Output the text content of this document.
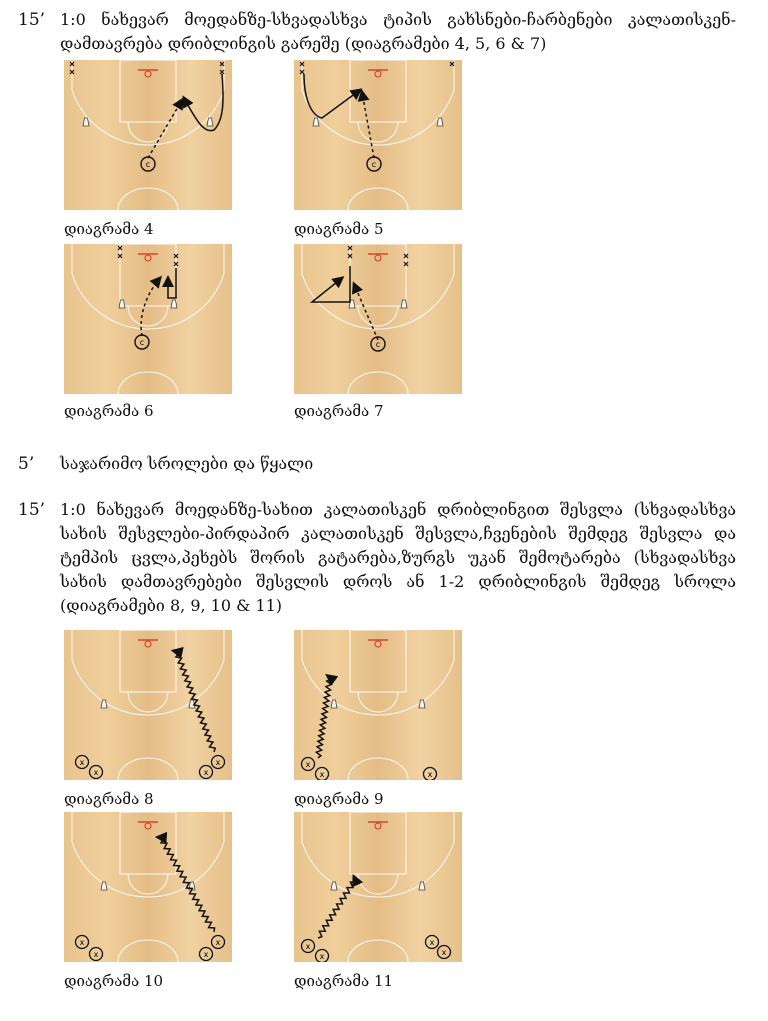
15’ 1:0 ნახევარ მოედანზე-სხვადასხვა ტიპის გახსნები-ჩარბენები კალათისკენ-დამთავრება დრიბლინგის გარეშე (დიაგრამები 4, 5, 6 & 7)
c	c
დიაგრამა 4	დიაგრამა 5
c	c
დიაგრამა 6	დიაგრამა 7
5’ საჯარიმო სროლები და წყალი
15’ 1:0 ნახევარ მოედანზე-სახით კალათისკენ დრიბლინგით შესვლა (სხვადასხვა სახის შესვლები-პირდაპირ კალათისკენ შესვლა,ჩვენების შემდეგ შესვლა და ტემპის ცვლა,პეხებს შორის გატარება,ზურგს უკან შემოტარება (სხვადასხვა სახის დამთავრებები შესვლის დროს ან 1-2 დრიბლინგის შემდეგ სროლა (დიაგრამები 8, 9, 10 & 11)
x
x	x
x	x
x	x
დიაგრამა 8	დიაგრამა 9
x
x	x
x	x
x
x
x
დიაგრამა 10	დიაგრამა 11
